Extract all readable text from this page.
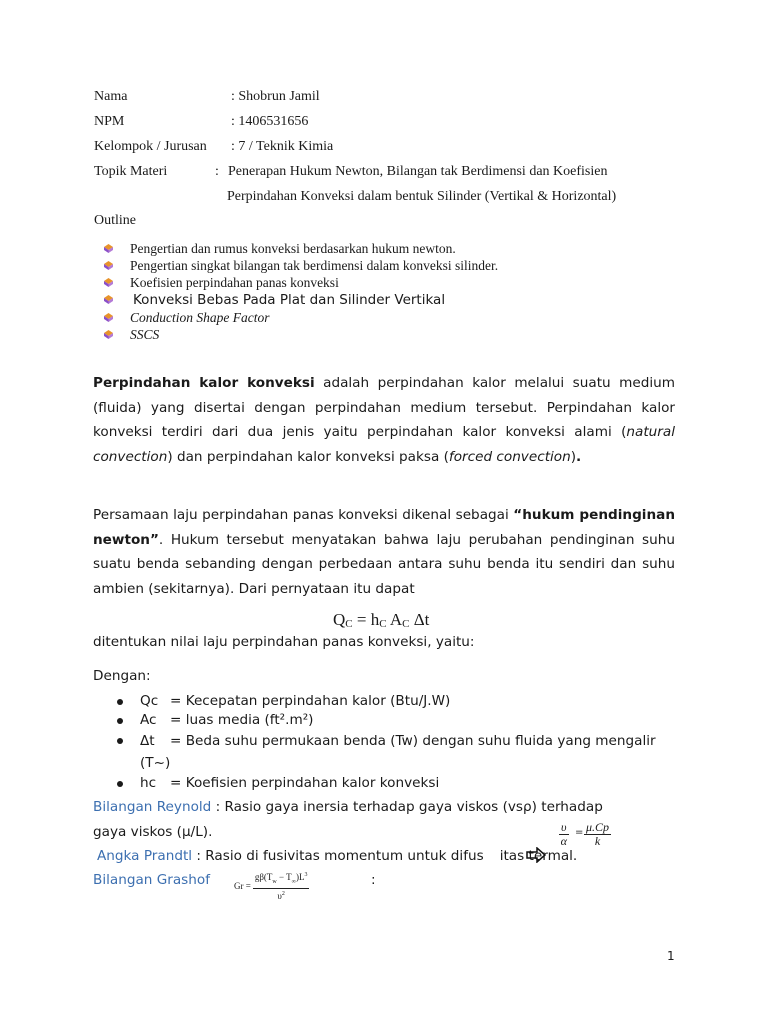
Nama	: Shobrun Jamil
NPM	: 1406531656
Kelompok / Jurusan : 7 / Teknik Kimia
Topik Materi	: Penerapan Hukum Newton, Bilangan tak Berdimensi dan Koefisien
Perpindahan Konveksi dalam bentuk Silinder (Vertikal & Horizontal)
Outline
Pengertian dan rumus konveksi berdasarkan hukum newton.
Pengertian singkat bilangan tak berdimensi dalam konveksi silinder.
Koefisien perpindahan panas konveksi
Konveksi Bebas Pada Plat dan Silinder Vertikal
Conduction Shape Factor
SSCS
Perpindahan kalor konveksi adalah perpindahan kalor melalui suatu medium (fluida) yang disertai dengan perpindahan medium tersebut. Perpindahan kalor konveksi terdiri dari dua jenis yaitu perpindahan kalor konveksi alami (natural convection) dan perpindahan kalor konveksi paksa (forced convection).
Persamaan laju perpindahan panas konveksi dikenal sebagai “hukum pendinginan newton”. Hukum tersebut menyatakan bahwa laju perubahan pendinginan suhu suatu benda sebanding dengan perbedaan antara suhu benda itu sendiri dan suhu ambien (sekitarnya). Dari pernyataan itu dapat
$Q_C = h_C$ $A_C$ Δt
ditentukan nilai laju perpindahan panas konveksi, yaitu:
Dengan:
Qc = Kecepatan perpindahan kalor (Btu/J.W)
Ac = luas media (ft².m²)
Δt = Beda suhu permukaan benda (Tw) dengan suhu fluida yang mengalir (T~)
hc = Koefisien perpindahan kalor konveksi
Bilangan Reynold : Rasio gaya inersia terhadap gaya viskos (vsρ) terhadap
gaya viskos (μ/L).	$\frac{\upsilon}{\alpha} = \frac{\mu.Cp}{k}$
Angka Prandtl : Rasio di fusivitas momentum untuk difus itas termal.
Bilangan Grashof	$Gr = \frac{g\beta(T_w - T_\infty)L^3}{\upsilon^2}$	:
1
